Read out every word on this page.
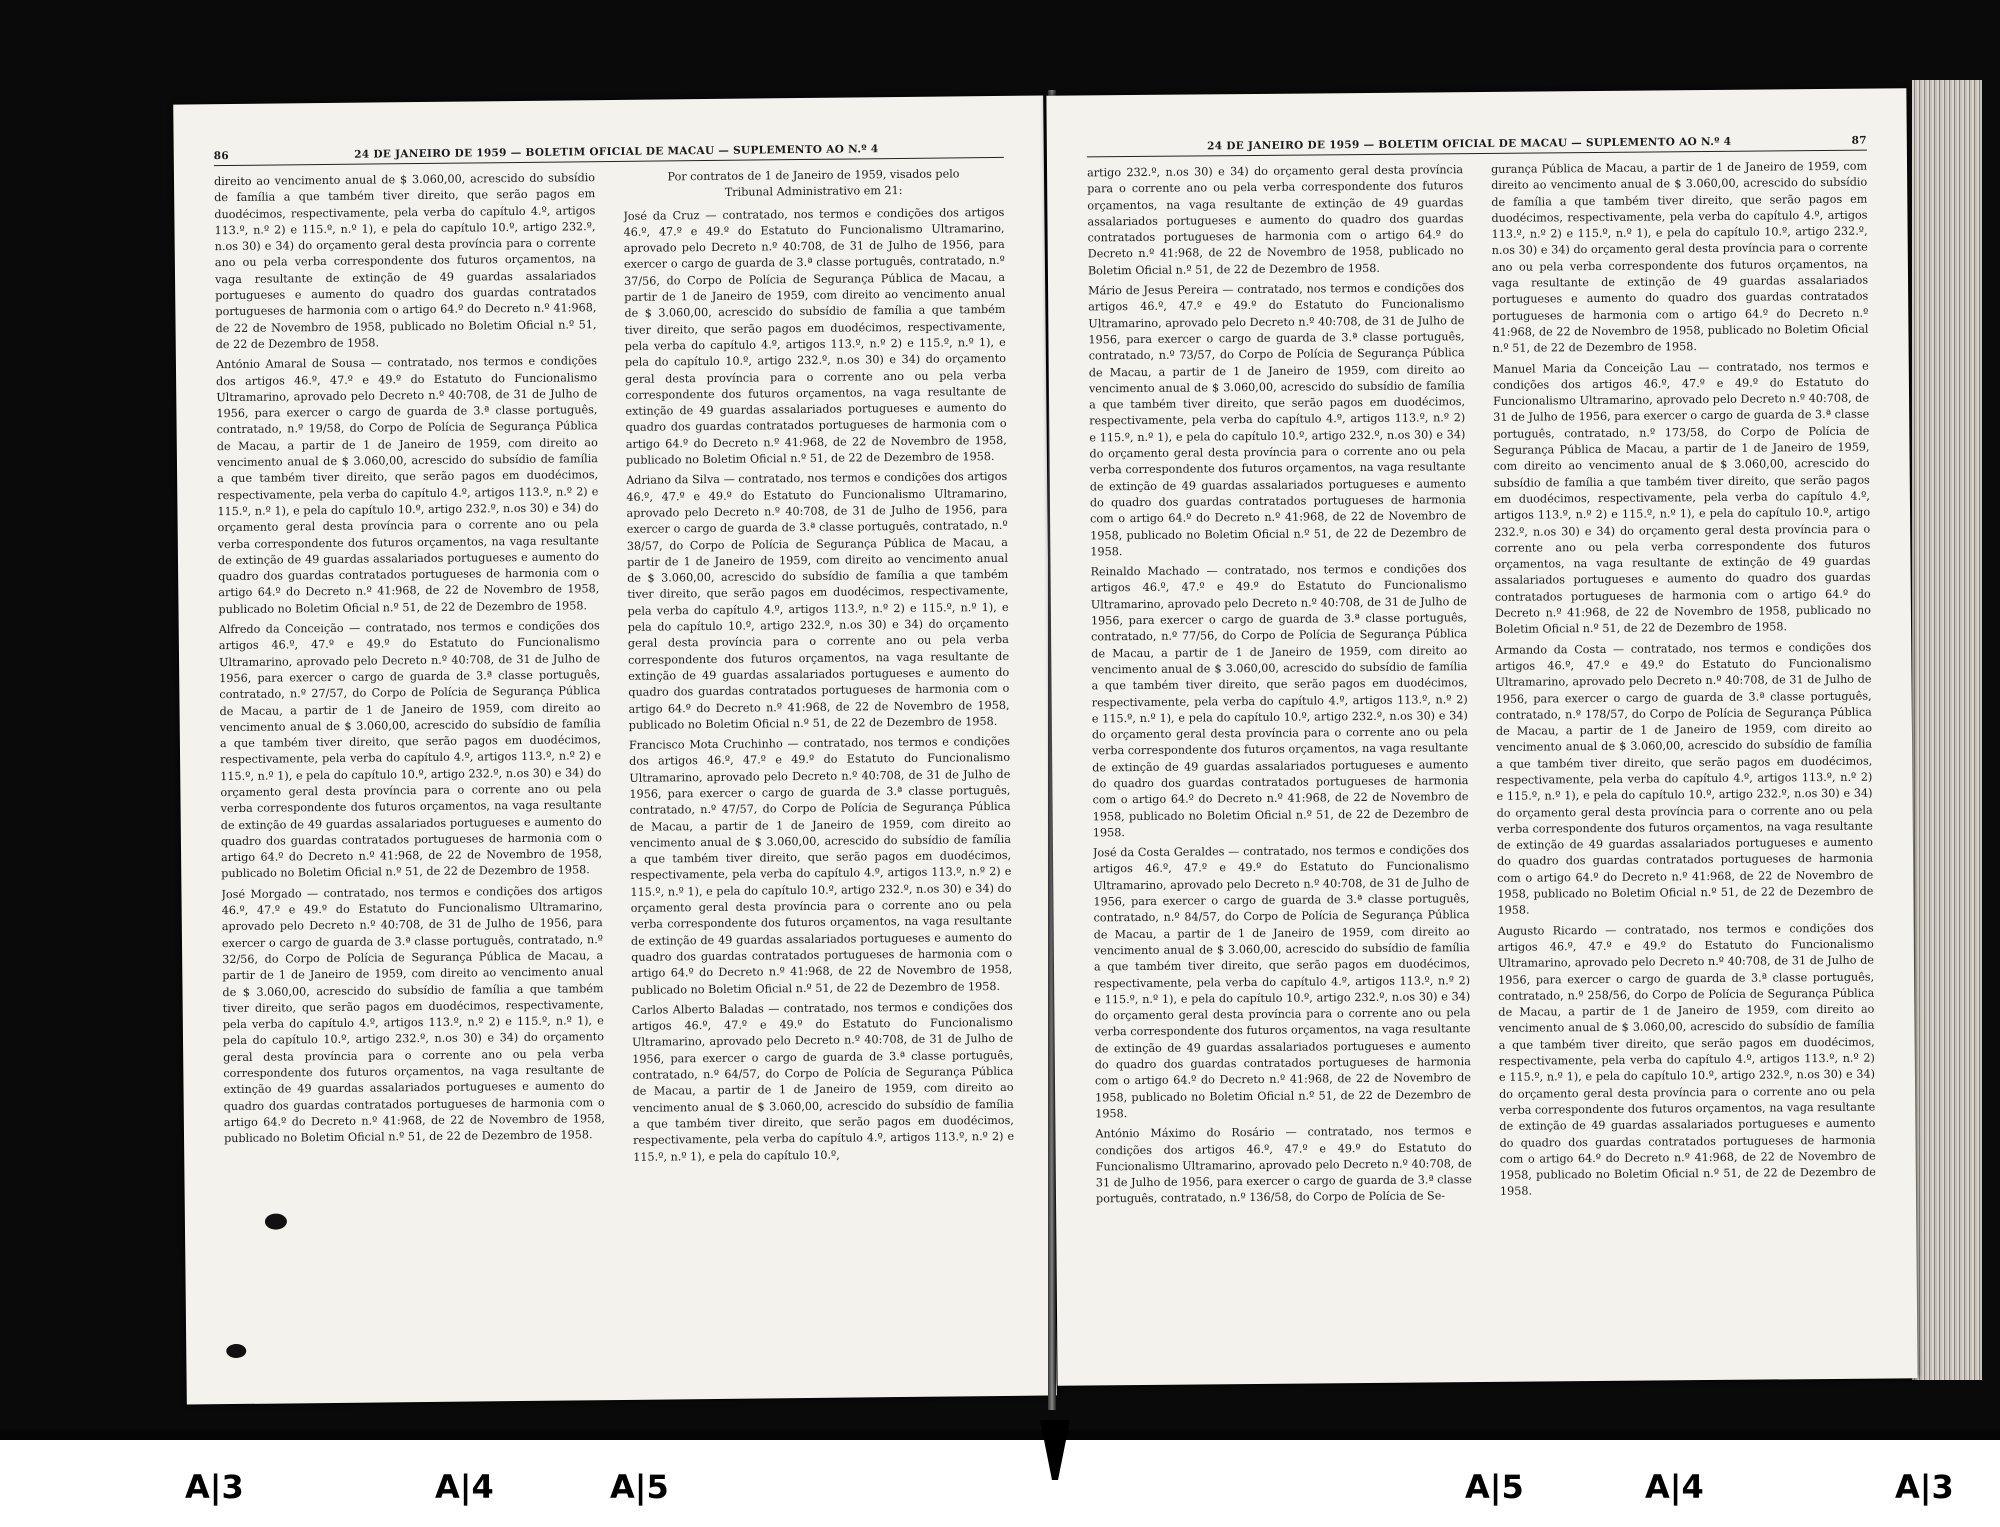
86	24 DE JANEIRO DE 1959 — BOLETIM OFICIAL DE MACAU — SUPLEMENTO AO N.º 4

direito ao vencimento anual de $ 3.060,00, acrescido do subsídio de família a que também tiver direito, que serão pagos em duodécimos, respectivamente, pela verba do capítulo 4.º, artigos 113.º, n.º 2) e 115.º, n.º 1), e pela do capítulo 10.º, artigo 232.º, n.os 30) e 34) do orçamento geral desta província para o corrente ano ou pela verba correspondente dos futuros orçamentos, na vaga resultante de extinção de 49 guardas assalariados portugueses e aumento do quadro dos guardas contratados portugueses de harmonia com o artigo 64.º do Decreto n.º 41:968, de 22 de Novembro de 1958, publicado no Boletim Oficial n.º 51, de 22 de Dezembro de 1958.

António Amaral de Sousa — contratado, nos termos e condições dos artigos 46.º, 47.º e 49.º do Estatuto do Funcionalismo Ultramarino, aprovado pelo Decreto n.º 40:708, de 31 de Julho de 1956, para exercer o cargo de guarda de 3.ª classe português, contratado, n.º 19/58, do Corpo de Polícia de Segurança Pública de Macau, a partir de 1 de Janeiro de 1959, com direito ao vencimento anual de $ 3.060,00, acrescido do subsídio de família a que também tiver direito, que serão pagos em duodécimos, respectivamente, pela verba do capítulo 4.º, artigos 113.º, n.º 2) e 115.º, n.º 1), e pela do capítulo 10.º, artigo 232.º, n.os 30) e 34) do orçamento geral desta província para o corrente ano ou pela verba correspondente dos futuros orçamentos, na vaga resultante de extinção de 49 guardas assalariados portugueses e aumento do quadro dos guardas contratados portugueses de harmonia com o artigo 64.º do Decreto n.º 41:968, de 22 de Novembro de 1958, publicado no Boletim Oficial n.º 51, de 22 de Dezembro de 1958.

Alfredo da Conceição — contratado, nos termos e condições dos artigos 46.º, 47.º e 49.º do Estatuto do Funcionalismo Ultramarino, aprovado pelo Decreto n.º 40:708, de 31 de Julho de 1956, para exercer o cargo de guarda de 3.ª classe português, contratado, n.º 27/57, do Corpo de Polícia de Segurança Pública de Macau, a partir de 1 de Janeiro de 1959, com direito ao vencimento anual de $ 3.060,00, acrescido do subsídio de família a que também tiver direito, que serão pagos em duodécimos, respectivamente, pela verba do capítulo 4.º, artigos 113.º, n.º 2) e 115.º, n.º 1), e pela do capítulo 10.º, artigo 232.º, n.os 30) e 34) do orçamento geral desta província para o corrente ano ou pela verba correspondente dos futuros orçamentos, na vaga resultante de extinção de 49 guardas assalariados portugueses e aumento do quadro dos guardas contratados portugueses de harmonia com o artigo 64.º do Decreto n.º 41:968, de 22 de Novembro de 1958, publicado no Boletim Oficial n.º 51, de 22 de Dezembro de 1958.

José Morgado — contratado, nos termos e condições dos artigos 46.º, 47.º e 49.º do Estatuto do Funcionalismo Ultramarino, aprovado pelo Decreto n.º 40:708, de 31 de Julho de 1956, para exercer o cargo de guarda de 3.ª classe português, contratado, n.º 32/56, do Corpo de Polícia de Segurança Pública de Macau, a partir de 1 de Janeiro de 1959, com direito ao vencimento anual de $ 3.060,00, acrescido do subsídio de família a que também tiver direito, que serão pagos em duodécimos, respectivamente, pela verba do capítulo 4.º, artigos 113.º, n.º 2) e 115.º, n.º 1), e pela do capítulo 10.º, artigo 232.º, n.os 30) e 34) do orçamento geral desta província para o corrente ano ou pela verba correspondente dos futuros orçamentos, na vaga resultante de extinção de 49 guardas assalariados portugueses e aumento do quadro dos guardas contratados portugueses de harmonia com o artigo 64.º do Decreto n.º 41:968, de 22 de Novembro de 1958, publicado no Boletim Oficial n.º 51, de 22 de Dezembro de 1958.

Por contratos de 1 de Janeiro de 1959, visados pelo Tribunal Administrativo em 21:

José da Cruz — contratado, nos termos e condições dos artigos 46.º, 47.º e 49.º do Estatuto do Funcionalismo Ultramarino, aprovado pelo Decreto n.º 40:708, de 31 de Julho de 1956, para exercer o cargo de guarda de 3.ª classe português, contratado, n.º 37/56, do Corpo de Polícia de Segurança Pública de Macau, a partir de 1 de Janeiro de 1959, com direito ao vencimento anual de $ 3.060,00, acrescido do subsídio de família a que também tiver direito, que serão pagos em duodécimos, respectivamente, pela verba do capítulo 4.º, artigos 113.º, n.º 2) e 115.º, n.º 1), e pela do capítulo 10.º, artigo 232.º, n.os 30) e 34) do orçamento geral desta província para o corrente ano ou pela verba correspondente dos futuros orçamentos, na vaga resultante de extinção de 49 guardas assalariados portugueses e aumento do quadro dos guardas contratados portugueses de harmonia com o artigo 64.º do Decreto n.º 41:968, de 22 de Novembro de 1958, publicado no Boletim Oficial n.º 51, de 22 de Dezembro de 1958.

Adriano da Silva — contratado, nos termos e condições dos artigos 46.º, 47.º e 49.º do Estatuto do Funcionalismo Ultramarino, aprovado pelo Decreto n.º 40:708, de 31 de Julho de 1956, para exercer o cargo de guarda de 3.ª classe português, contratado, n.º 38/57, do Corpo de Polícia de Segurança Pública de Macau, a partir de 1 de Janeiro de 1959, com direito ao vencimento anual de $ 3.060,00, acrescido do subsídio de família a que também tiver direito, que serão pagos em duodécimos, respectivamente, pela verba do capítulo 4.º, artigos 113.º, n.º 2) e 115.º, n.º 1), e pela do capítulo 10.º, artigo 232.º, n.os 30) e 34) do orçamento geral desta província para o corrente ano ou pela verba correspondente dos futuros orçamentos, na vaga resultante de extinção de 49 guardas assalariados portugueses e aumento do quadro dos guardas contratados portugueses de harmonia com o artigo 64.º do Decreto n.º 41:968, de 22 de Novembro de 1958, publicado no Boletim Oficial n.º 51, de 22 de Dezembro de 1958.

Francisco Mota Cruchinho — contratado, nos termos e condições dos artigos 46.º, 47.º e 49.º do Estatuto do Funcionalismo Ultramarino, aprovado pelo Decreto n.º 40:708, de 31 de Julho de 1956, para exercer o cargo de guarda de 3.ª classe português, contratado, n.º 47/57, do Corpo de Polícia de Segurança Pública de Macau, a partir de 1 de Janeiro de 1959, com direito ao vencimento anual de $ 3.060,00, acrescido do subsídio de família a que também tiver direito, que serão pagos em duodécimos, respectivamente, pela verba do capítulo 4.º, artigos 113.º, n.º 2) e 115.º, n.º 1), e pela do capítulo 10.º, artigo 232.º, n.os 30) e 34) do orçamento geral desta província para o corrente ano ou pela verba correspondente dos futuros orçamentos, na vaga resultante de extinção de 49 guardas assalariados portugueses e aumento do quadro dos guardas contratados portugueses de harmonia com o artigo 64.º do Decreto n.º 41:968, de 22 de Novembro de 1958, publicado no Boletim Oficial n.º 51, de 22 de Dezembro de 1958.

Carlos Alberto Baladas — contratado, nos termos e condições dos artigos 46.º, 47.º e 49.º do Estatuto do Funcionalismo Ultramarino, aprovado pelo Decreto n.º 40:708, de 31 de Julho de 1956, para exercer o cargo de guarda de 3.ª classe português, contratado, n.º 64/57, do Corpo de Polícia de Segurança Pública de Macau, a partir de 1 de Janeiro de 1959, com direito ao vencimento anual de $ 3.060,00, acrescido do subsídio de família a que também tiver direito, que serão pagos em duodécimos, respectivamente, pela verba do capítulo 4.º, artigos 113.º, n.º 2) e 115.º, n.º 1), e pela do capítulo 10.º,

24 DE JANEIRO DE 1959 — BOLETIM OFICIAL DE MACAU — SUPLEMENTO AO N.º 4	87

artigo 232.º, n.os 30) e 34) do orçamento geral desta província para o corrente ano ou pela verba correspondente dos futuros orçamentos, na vaga resultante de extinção de 49 guardas assalariados portugueses e aumento do quadro dos guardas contratados portugueses de harmonia com o artigo 64.º do Decreto n.º 41:968, de 22 de Novembro de 1958, publicado no Boletim Oficial n.º 51, de 22 de Dezembro de 1958.

Mário de Jesus Pereira — contratado, nos termos e condições dos artigos 46.º, 47.º e 49.º do Estatuto do Funcionalismo Ultramarino, aprovado pelo Decreto n.º 40:708, de 31 de Julho de 1956, para exercer o cargo de guarda de 3.ª classe português, contratado, n.º 73/57, do Corpo de Polícia de Segurança Pública de Macau, a partir de 1 de Janeiro de 1959, com direito ao vencimento anual de $ 3.060,00, acrescido do subsídio de família a que também tiver direito, que serão pagos em duodécimos, respectivamente, pela verba do capítulo 4.º, artigos 113.º, n.º 2) e 115.º, n.º 1), e pela do capítulo 10.º, artigo 232.º, n.os 30) e 34) do orçamento geral desta província para o corrente ano ou pela verba correspondente dos futuros orçamentos, na vaga resultante de extinção de 49 guardas assalariados portugueses e aumento do quadro dos guardas contratados portugueses de harmonia com o artigo 64.º do Decreto n.º 41:968, de 22 de Novembro de 1958, publicado no Boletim Oficial n.º 51, de 22 de Dezembro de 1958.

Reinaldo Machado — contratado, nos termos e condições dos artigos 46.º, 47.º e 49.º do Estatuto do Funcionalismo Ultramarino, aprovado pelo Decreto n.º 40:708, de 31 de Julho de 1956, para exercer o cargo de guarda de 3.ª classe português, contratado, n.º 77/56, do Corpo de Polícia de Segurança Pública de Macau, a partir de 1 de Janeiro de 1959, com direito ao vencimento anual de $ 3.060,00, acrescido do subsídio de família a que também tiver direito, que serão pagos em duodécimos, respectivamente, pela verba do capítulo 4.º, artigos 113.º, n.º 2) e 115.º, n.º 1), e pela do capítulo 10.º, artigo 232.º, n.os 30) e 34) do orçamento geral desta província para o corrente ano ou pela verba correspondente dos futuros orçamentos, na vaga resultante de extinção de 49 guardas assalariados portugueses e aumento do quadro dos guardas contratados portugueses de harmonia com o artigo 64.º do Decreto n.º 41:968, de 22 de Novembro de 1958, publicado no Boletim Oficial n.º 51, de 22 de Dezembro de 1958.

José da Costa Geraldes — contratado, nos termos e condições dos artigos 46.º, 47.º e 49.º do Estatuto do Funcionalismo Ultramarino, aprovado pelo Decreto n.º 40:708, de 31 de Julho de 1956, para exercer o cargo de guarda de 3.ª classe português, contratado, n.º 84/57, do Corpo de Polícia de Segurança Pública de Macau, a partir de 1 de Janeiro de 1959, com direito ao vencimento anual de $ 3.060,00, acrescido do subsídio de família a que também tiver direito, que serão pagos em duodécimos, respectivamente, pela verba do capítulo 4.º, artigos 113.º, n.º 2) e 115.º, n.º 1), e pela do capítulo 10.º, artigo 232.º, n.os 30) e 34) do orçamento geral desta província para o corrente ano ou pela verba correspondente dos futuros orçamentos, na vaga resultante de extinção de 49 guardas assalariados portugueses e aumento do quadro dos guardas contratados portugueses de harmonia com o artigo 64.º do Decreto n.º 41:968, de 22 de Novembro de 1958, publicado no Boletim Oficial n.º 51, de 22 de Dezembro de 1958.

António Máximo do Rosário — contratado, nos termos e condições dos artigos 46.º, 47.º e 49.º do Estatuto do Funcionalismo Ultramarino, aprovado pelo Decreto n.º 40:708, de 31 de Julho de 1956, para exercer o cargo de guarda de 3.ª classe português, contratado, n.º 136/58, do Corpo de Polícia de Se-

gurança Pública de Macau, a partir de 1 de Janeiro de 1959, com direito ao vencimento anual de $ 3.060,00, acrescido do subsídio de família a que também tiver direito, que serão pagos em duodécimos, respectivamente, pela verba do capítulo 4.º, artigos 113.º, n.º 2) e 115.º, n.º 1), e pela do capítulo 10.º, artigo 232.º, n.os 30) e 34) do orçamento geral desta província para o corrente ano ou pela verba correspondente dos futuros orçamentos, na vaga resultante de extinção de 49 guardas assalariados portugueses e aumento do quadro dos guardas contratados portugueses de harmonia com o artigo 64.º do Decreto n.º 41:968, de 22 de Novembro de 1958, publicado no Boletim Oficial n.º 51, de 22 de Dezembro de 1958.

Manuel Maria da Conceição Lau — contratado, nos termos e condições dos artigos 46.º, 47.º e 49.º do Estatuto do Funcionalismo Ultramarino, aprovado pelo Decreto n.º 40:708, de 31 de Julho de 1956, para exercer o cargo de guarda de 3.ª classe português, contratado, n.º 173/58, do Corpo de Polícia de Segurança Pública de Macau, a partir de 1 de Janeiro de 1959, com direito ao vencimento anual de $ 3.060,00, acrescido do subsídio de família a que também tiver direito, que serão pagos em duodécimos, respectivamente, pela verba do capítulo 4.º, artigos 113.º, n.º 2) e 115.º, n.º 1), e pela do capítulo 10.º, artigo 232.º, n.os 30) e 34) do orçamento geral desta província para o corrente ano ou pela verba correspondente dos futuros orçamentos, na vaga resultante de extinção de 49 guardas assalariados portugueses e aumento do quadro dos guardas contratados portugueses de harmonia com o artigo 64.º do Decreto n.º 41:968, de 22 de Novembro de 1958, publicado no Boletim Oficial n.º 51, de 22 de Dezembro de 1958.

Armando da Costa — contratado, nos termos e condições dos artigos 46.º, 47.º e 49.º do Estatuto do Funcionalismo Ultramarino, aprovado pelo Decreto n.º 40:708, de 31 de Julho de 1956, para exercer o cargo de guarda de 3.ª classe português, contratado, n.º 178/57, do Corpo de Polícia de Segurança Pública de Macau, a partir de 1 de Janeiro de 1959, com direito ao vencimento anual de $ 3.060,00, acrescido do subsídio de família a que também tiver direito, que serão pagos em duodécimos, respectivamente, pela verba do capítulo 4.º, artigos 113.º, n.º 2) e 115.º, n.º 1), e pela do capítulo 10.º, artigo 232.º, n.os 30) e 34) do orçamento geral desta província para o corrente ano ou pela verba correspondente dos futuros orçamentos, na vaga resultante de extinção de 49 guardas assalariados portugueses e aumento do quadro dos guardas contratados portugueses de harmonia com o artigo 64.º do Decreto n.º 41:968, de 22 de Novembro de 1958, publicado no Boletim Oficial n.º 51, de 22 de Dezembro de 1958.

Augusto Ricardo — contratado, nos termos e condições dos artigos 46.º, 47.º e 49.º do Estatuto do Funcionalismo Ultramarino, aprovado pelo Decreto n.º 40:708, de 31 de Julho de 1956, para exercer o cargo de guarda de 3.ª classe português, contratado, n.º 258/56, do Corpo de Polícia de Segurança Pública de Macau, a partir de 1 de Janeiro de 1959, com direito ao vencimento anual de $ 3.060,00, acrescido do subsídio de família a que também tiver direito, que serão pagos em duodécimos, respectivamente, pela verba do capítulo 4.º, artigos 113.º, n.º 2) e 115.º, n.º 1), e pela do capítulo 10.º, artigo 232.º, n.os 30) e 34) do orçamento geral desta província para o corrente ano ou pela verba correspondente dos futuros orçamentos, na vaga resultante de extinção de 49 guardas assalariados portugueses e aumento do quadro dos guardas contratados portugueses de harmonia com o artigo 64.º do Decreto n.º 41:968, de 22 de Novembro de 1958, publicado no Boletim Oficial n.º 51, de 22 de Dezembro de 1958.

A|3	A|4	A|5	A|5	A|4	A|3
